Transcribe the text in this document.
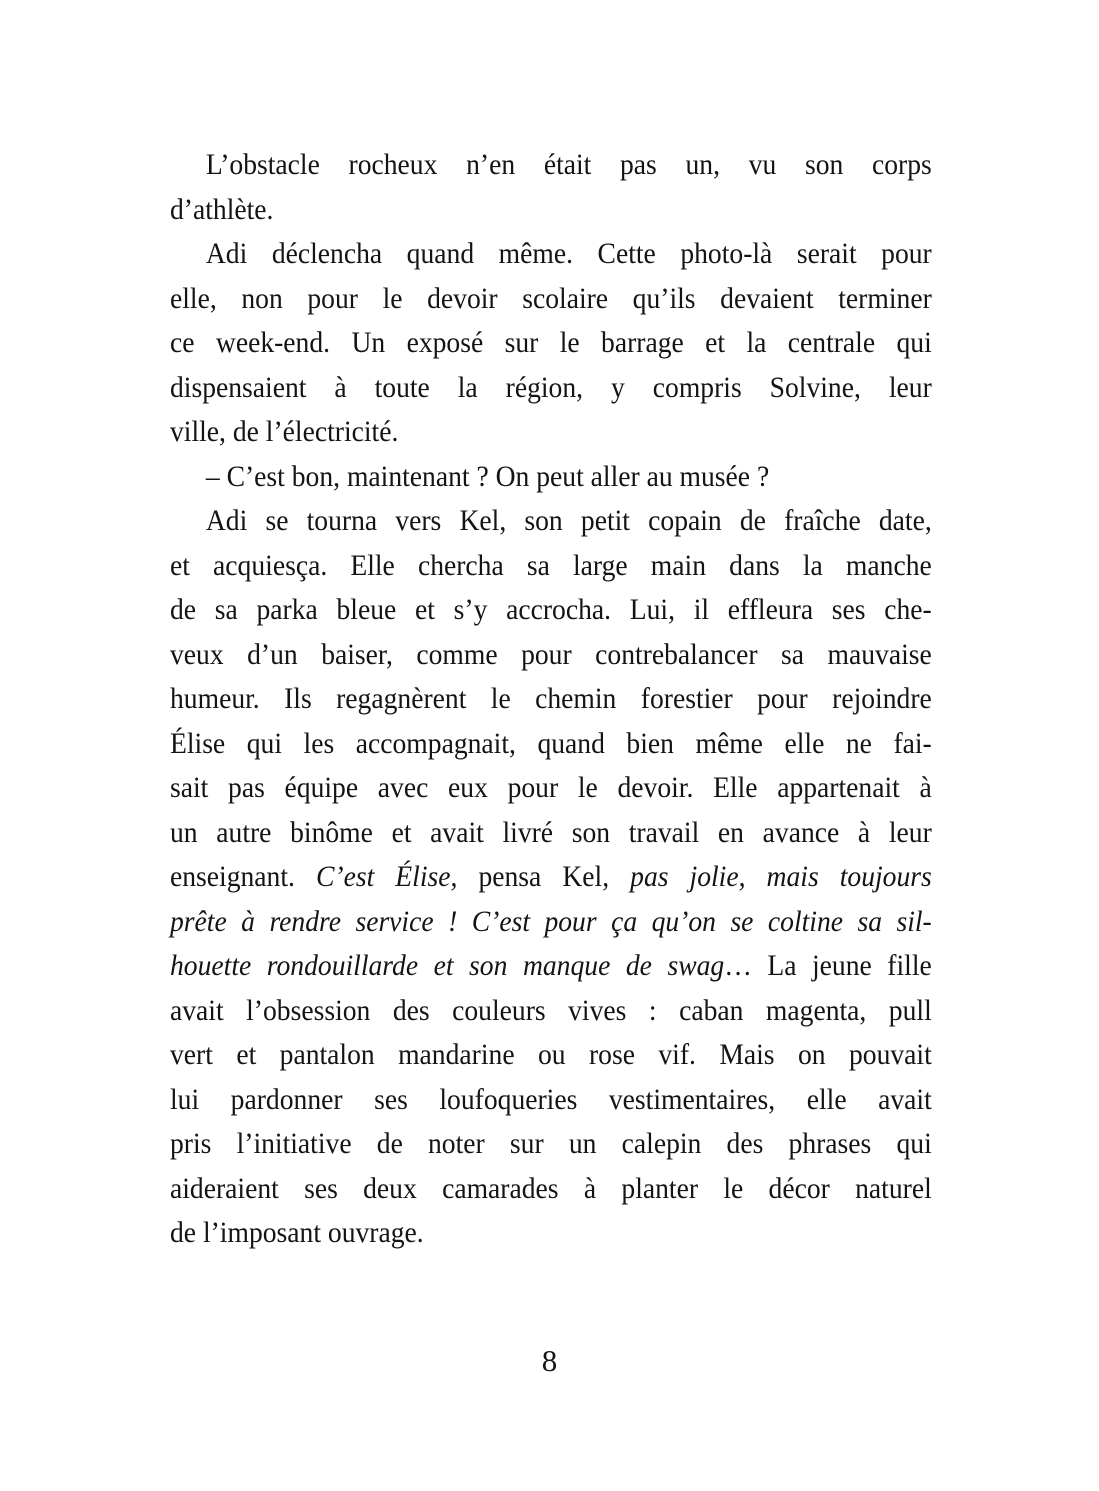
L’obstacle rocheux n’en était pas un, vu son corps
d’athlète.
Adi déclencha quand même. Cette photo-là serait pour
elle, non pour le devoir scolaire qu’ils devaient terminer
ce week-end. Un exposé sur le barrage et la centrale qui
dispensaient à toute la région, y compris Solvine, leur
ville, de l’électricité.
– C’est bon, maintenant ? On peut aller au musée ?
Adi se tourna vers Kel, son petit copain de fraîche date,
et acquiesça. Elle chercha sa large main dans la manche
de sa parka bleue et s’y accrocha. Lui, il effleura ses che-
veux d’un baiser, comme pour contrebalancer sa mauvaise
humeur. Ils regagnèrent le chemin forestier pour rejoindre
Élise qui les accompagnait, quand bien même elle ne fai-
sait pas équipe avec eux pour le devoir. Elle appartenait à
un autre binôme et avait livré son travail en avance à leur
enseignant. C’est Élise, pensa Kel, pas jolie, mais toujours
prête à rendre service ! C’est pour ça qu’on se coltine sa sil-
houette rondouillarde et son manque de swag… La jeune fille
avait l’obsession des couleurs vives : caban magenta, pull
vert et pantalon mandarine ou rose vif. Mais on pouvait
lui pardonner ses loufoqueries vestimentaires, elle avait
pris l’initiative de noter sur un calepin des phrases qui
aideraient ses deux camarades à planter le décor naturel
de l’imposant ouvrage.
8
